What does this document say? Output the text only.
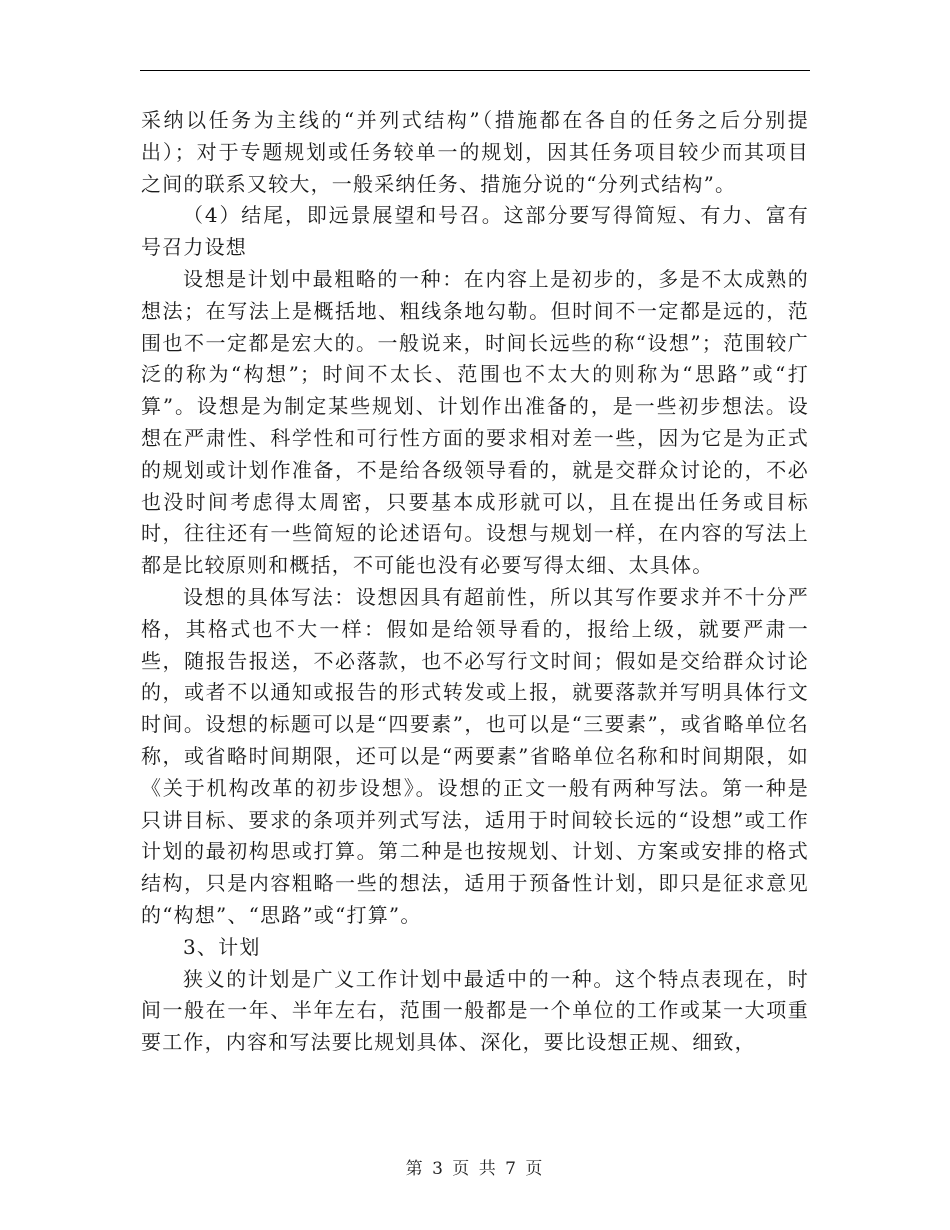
采纳以任务为主线的“并列式结构”（措施都在各自的任务之后分别提出）；对于专题规划或任务较单一的规划，因其任务项目较少而其项目之间的联系又较大，一般采纳任务、措施分说的“分列式结构”。

（4）结尾，即远景展望和号召。这部分要写得简短、有力、富有号召力设想

设想是计划中最粗略的一种：在内容上是初步的，多是不太成熟的想法；在写法上是概括地、粗线条地勾勒。但时间不一定都是远的，范围也不一定都是宏大的。一般说来，时间长远些的称“设想”；范围较广泛的称为“构想”；时间不太长、范围也不太大的则称为“思路”或“打算”。设想是为制定某些规划、计划作出准备的，是一些初步想法。设想在严肃性、科学性和可行性方面的要求相对差一些，因为它是为正式的规划或计划作准备，不是给各级领导看的，就是交群众讨论的，不必也没时间考虑得太周密，只要基本成形就可以，且在提出任务或目标时，往往还有一些简短的论述语句。设想与规划一样，在内容的写法上都是比较原则和概括，不可能也没有必要写得太细、太具体。

设想的具体写法：设想因具有超前性，所以其写作要求并不十分严格，其格式也不大一样：假如是给领导看的，报给上级，就要严肃一些，随报告报送，不必落款，也不必写行文时间；假如是交给群众讨论的，或者不以通知或报告的形式转发或上报，就要落款并写明具体行文时间。设想的标题可以是“四要素”，也可以是“三要素”，或省略单位名称，或省略时间期限，还可以是“两要素”省略单位名称和时间期限，如《关于机构改革的初步设想》。设想的正文一般有两种写法。第一种是只讲目标、要求的条项并列式写法，适用于时间较长远的“设想”或工作计划的最初构思或打算。第二种是也按规划、计划、方案或安排的格式结构，只是内容粗略一些的想法，适用于预备性计划，即只是征求意见的“构想”、“思路”或“打算”。

3、计划

狭义的计划是广义工作计划中最适中的一种。这个特点表现在，时间一般在一年、半年左右，范围一般都是一个单位的工作或某一大项重要工作，内容和写法要比规划具体、深化，要比设想正规、细致，

第 3 页 共 7 页
